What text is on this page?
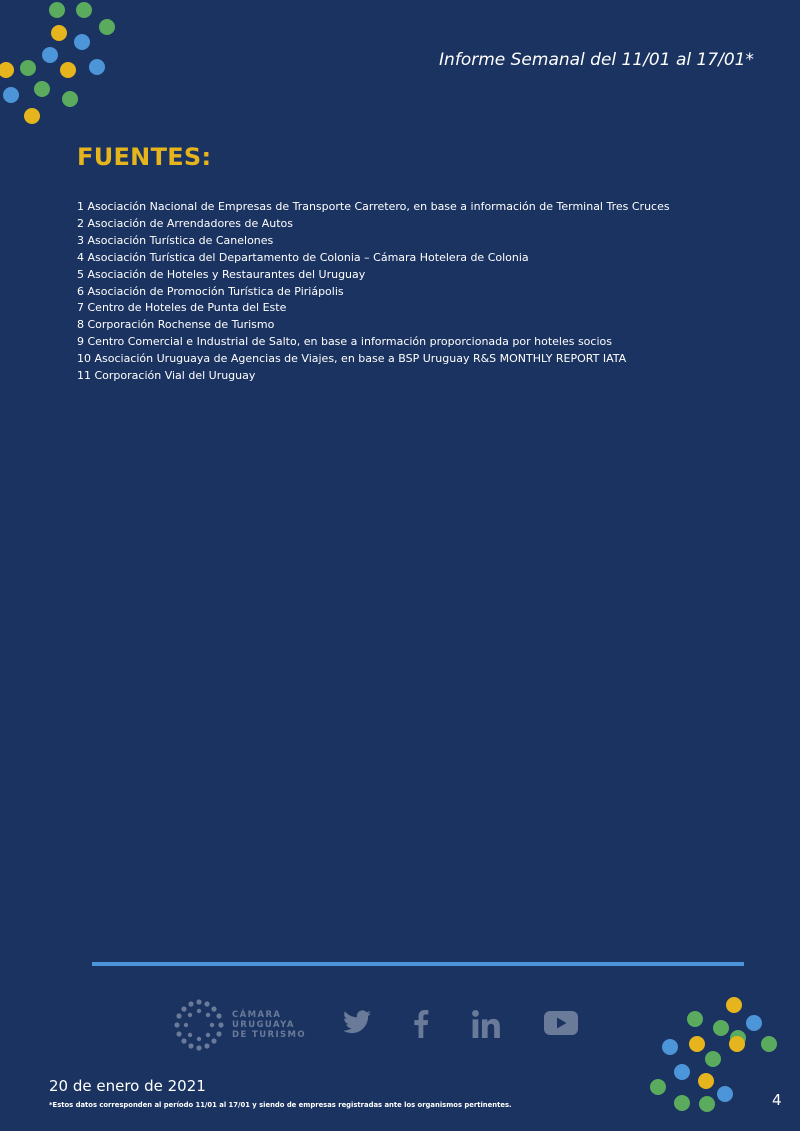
Informe Semanal del 11/01 al 17/01*
FUENTES:
1 Asociación Nacional de Empresas de Transporte Carretero, en base a información de Terminal Tres Cruces
2 Asociación de Arrendadores de Autos
3 Asociación Turística de Canelones
4 Asociación Turística del Departamento de Colonia – Cámara Hotelera de Colonia
5 Asociación de Hoteles y Restaurantes del Uruguay
6 Asociación de Promoción Turística de Piriápolis
7 Centro de Hoteles de Punta del Este
8 Corporación Rochense de Turismo
9 Centro Comercial e Industrial de Salto, en base a información proporcionada por hoteles socios
10 Asociación Uruguaya de Agencias de Viajes, en base a BSP Uruguay R&S MONTHLY REPORT IATA
11 Corporación Vial del Uruguay
CÁMARA
URUGUAYA
DE TURISMO
20 de enero de 2021
*Estos datos corresponden al período 11/01 al 17/01 y siendo de empresas registradas ante los organismos pertinentes.	4
